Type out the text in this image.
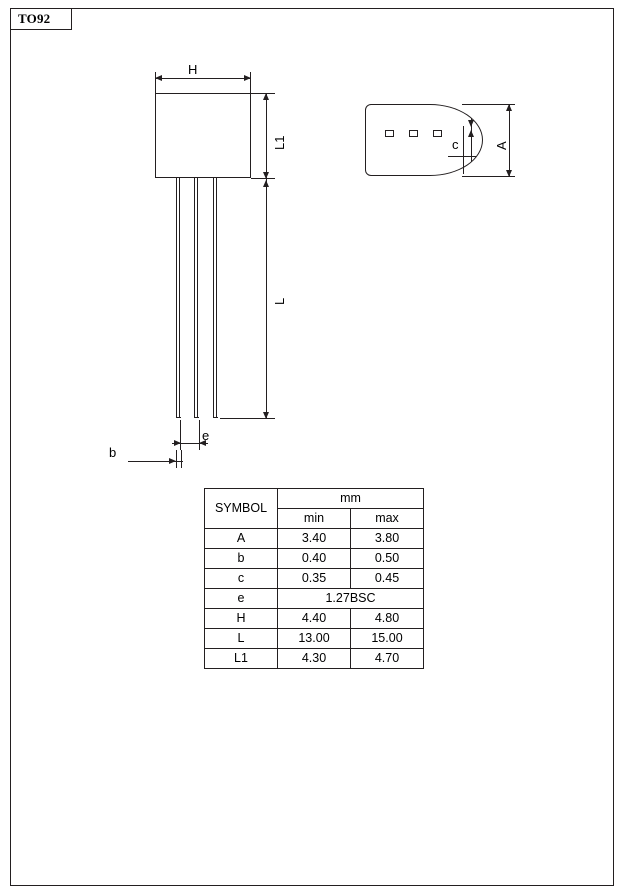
TO92
H
L1
L
e
b
A
c
SYMBOL	mm	
	min	max
A	3.40	3.80
b	0.40	0.50
c	0.35	0.45
e	1.27BSC	
H	4.40	4.80
L	13.00	15.00
L1	4.30	4.70
